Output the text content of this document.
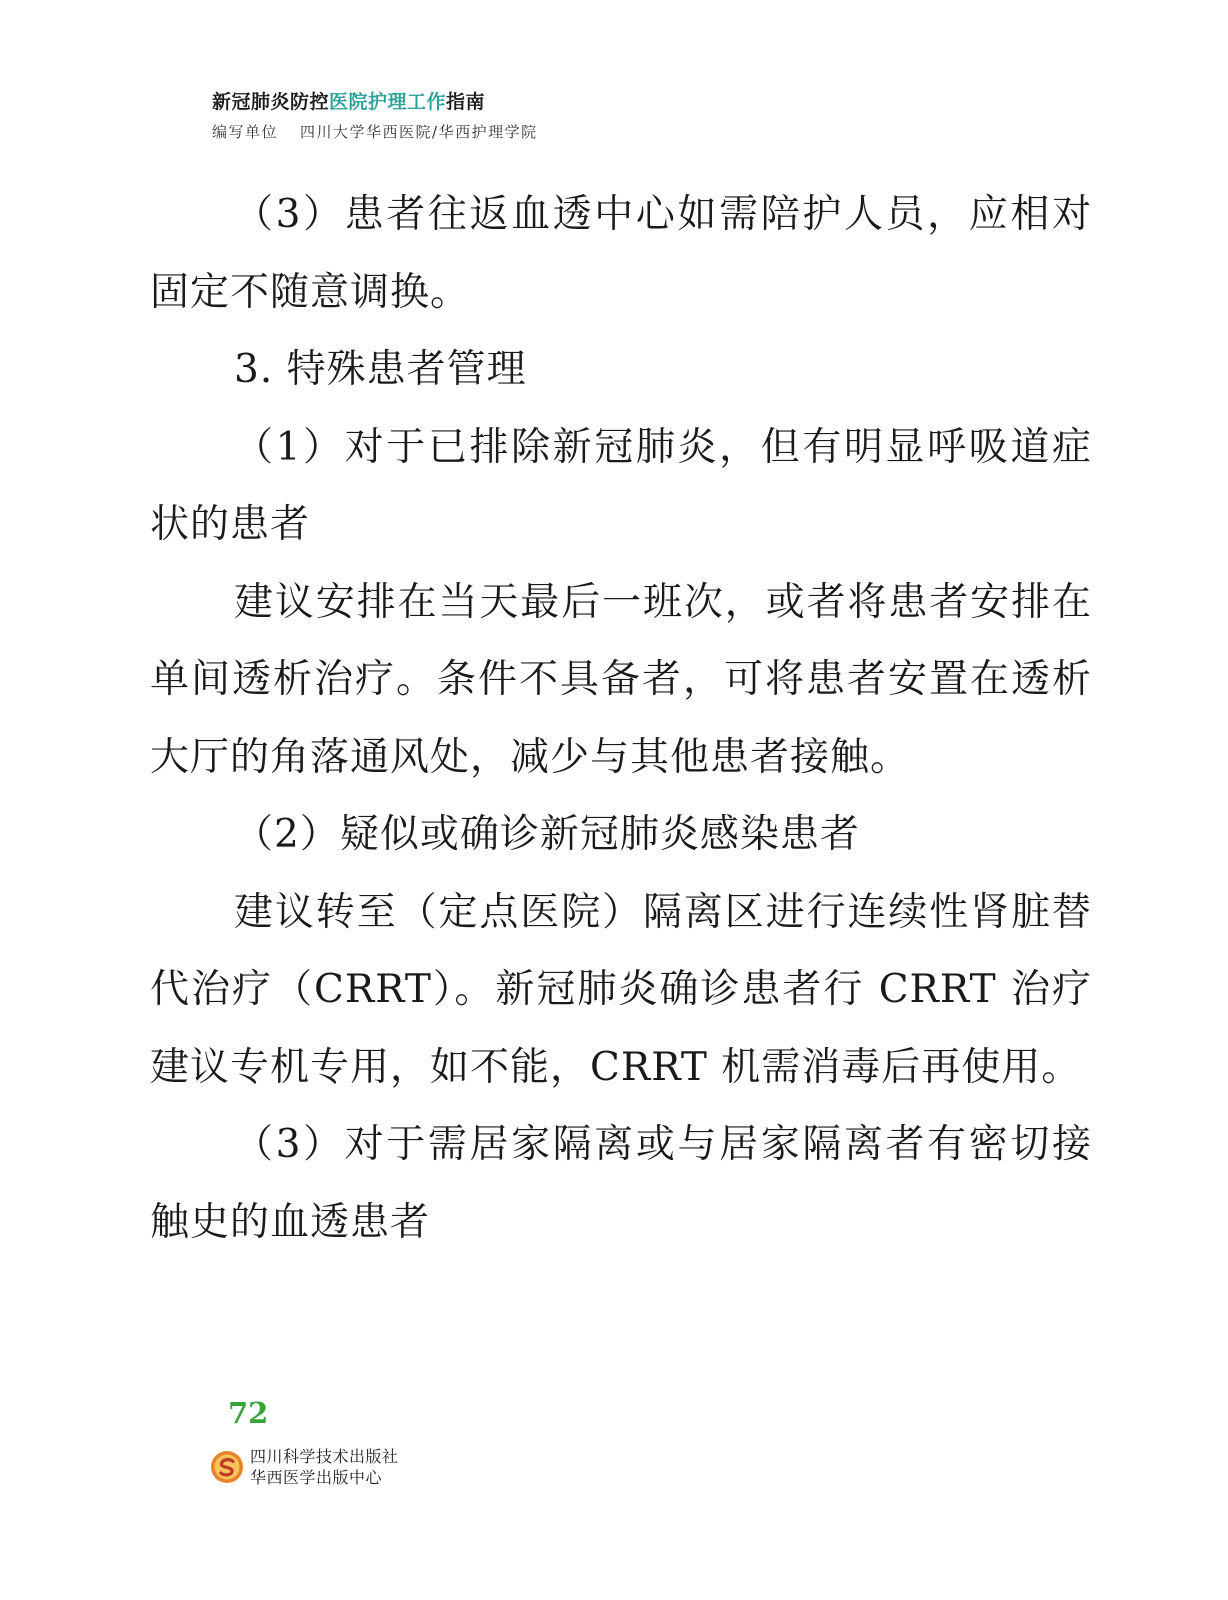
新冠肺炎防控医院护理工作指南
编写单位 四川大学华西医院/华西护理学院

（3）患者往返血透中心如需陪护人员，应相对固定不随意调换。

3. 特殊患者管理

（1）对于已排除新冠肺炎，但有明显呼吸道症状的患者

建议安排在当天最后一班次，或者将患者安排在单间透析治疗。条件不具备者，可将患者安置在透析大厅的角落通风处，减少与其他患者接触。

（2）疑似或确诊新冠肺炎感染患者

建议转至（定点医院）隔离区进行连续性肾脏替代治疗（CRRT）。新冠肺炎确诊患者行 CRRT 治疗建议专机专用，如不能，CRRT 机需消毒后再使用。

（3）对于需居家隔离或与居家隔离者有密切接触史的血透患者

72
四川科学技术出版社
华西医学出版中心
